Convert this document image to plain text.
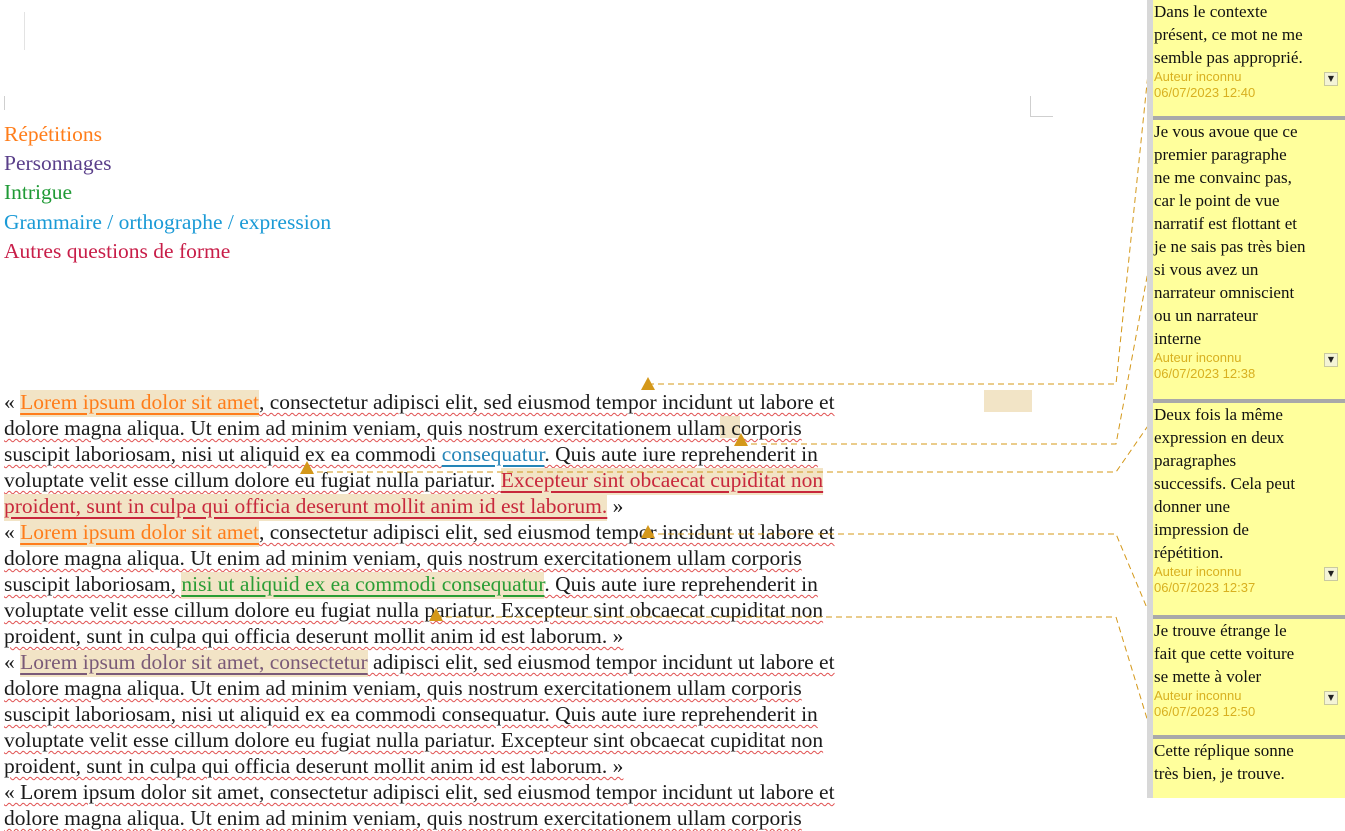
Répétitions
Personnages
Intrigue
Grammaire / orthographe / expression
Autres questions de forme
« Lorem ipsum dolor sit amet, consectetur adipisci elit, sed eiusmod tempor incidunt ut labore et
dolore magna aliqua. Ut enim ad minim veniam, quis nostrum exercitationem ullam corporis
suscipit laboriosam, nisi ut aliquid ex ea commodi consequatur. Quis aute iure reprehenderit in
voluptate velit esse cillum dolore eu fugiat nulla pariatur. Excepteur sint obcaecat cupiditat non
proident, sunt in culpa qui officia deserunt mollit anim id est laborum. »
« Lorem ipsum dolor sit amet, consectetur adipisci elit, sed eiusmod tempor incidunt ut labore et
dolore magna aliqua. Ut enim ad minim veniam, quis nostrum exercitationem ullam corporis
suscipit laboriosam, nisi ut aliquid ex ea commodi consequatur. Quis aute iure reprehenderit in
voluptate velit esse cillum dolore eu fugiat nulla pariatur. Excepteur sint obcaecat cupiditat non
proident, sunt in culpa qui officia deserunt mollit anim id est laborum. »
« Lorem ipsum dolor sit amet, consectetur adipisci elit, sed eiusmod tempor incidunt ut labore et
dolore magna aliqua. Ut enim ad minim veniam, quis nostrum exercitationem ullam corporis
suscipit laboriosam, nisi ut aliquid ex ea commodi consequatur. Quis aute iure reprehenderit in
voluptate velit esse cillum dolore eu fugiat nulla pariatur. Excepteur sint obcaecat cupiditat non
proident, sunt in culpa qui officia deserunt mollit anim id est laborum. »
« Lorem ipsum dolor sit amet, consectetur adipisci elit, sed eiusmod tempor incidunt ut labore et
dolore magna aliqua. Ut enim ad minim veniam, quis nostrum exercitationem ullam corporis

Dans le contexte
présent, ce mot ne me
semble pas approprié.

Auteur inconnu	▼
06/07/2023 12:40

Je vous avoue que ce
premier paragraphe
ne me convainc pas,
car le point de vue
narratif est flottant et
je ne sais pas très bien
si vous avez un
narrateur omniscient
ou un narrateur
interne

Auteur inconnu	▼
06/07/2023 12:38

Deux fois la même
expression en deux
paragraphes
successifs. Cela peut
donner une
impression de
répétition.

Auteur inconnu	▼
06/07/2023 12:37

Je trouve étrange le
fait que cette voiture
se mette à voler

Auteur inconnu	▼
06/07/2023 12:50

Cette réplique sonne
très bien, je trouve.
